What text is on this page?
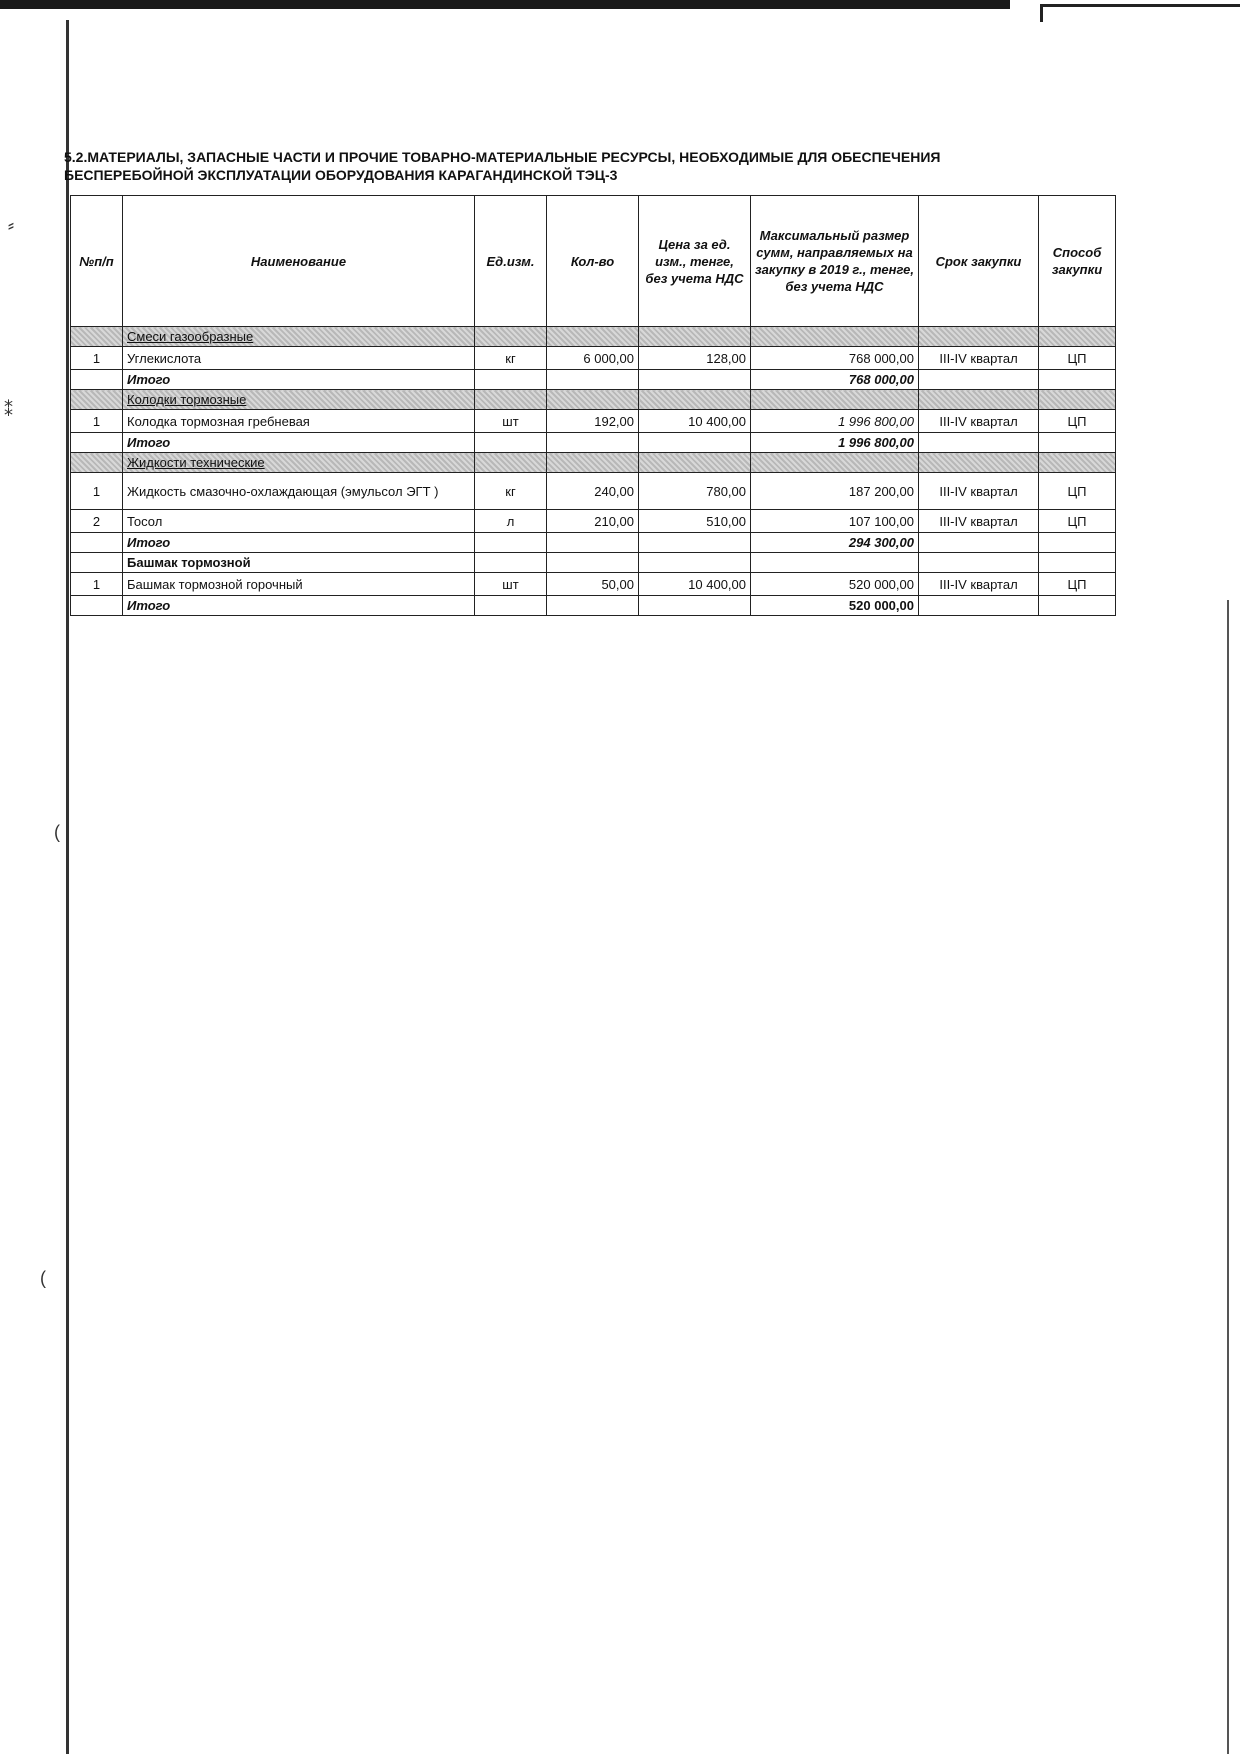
⸗
⁑
(
(
5.2.МАТЕРИАЛЫ, ЗАПАСНЫЕ ЧАСТИ И ПРОЧИЕ ТОВАРНО-МАТЕРИАЛЬНЫЕ РЕСУРСЫ, НЕОБХОДИМЫЕ ДЛЯ ОБЕСПЕЧЕНИЯ
БЕСПЕРЕБОЙНОЙ ЭКСПЛУАТАЦИИ ОБОРУДОВАНИЯ КАРАГАНДИНСКОЙ ТЭЦ-3
№п/п	Наименование	Ед.изм.	Кол-во	Цена за ед. изм., тенге, без учета НДС	Максимальный размер сумм, направляемых на закупку в 2019 г., тенге, без учета НДС	Срок закупки	Способ закупки
	Смеси газообразные						
1	Углекислота	кг	6 000,00	128,00	768 000,00	III-IV квартал	ЦП
	Итого				768 000,00		
	Колодки тормозные						
1	Колодка тормозная гребневая	шт	192,00	10 400,00	1 996 800,00	III-IV квартал	ЦП
	Итого				1 996 800,00		
	Жидкости технические						
1	Жидкость смазочно-охлаждающая (эмульсол ЭГТ )	кг	240,00	780,00	187 200,00	III-IV квартал	ЦП
2	Тосол	л	210,00	510,00	107 100,00	III-IV квартал	ЦП
	Итого				294 300,00		
	Башмак тормозной						
1	Башмак тормозной горочный	шт	50,00	10 400,00	520 000,00	III-IV квартал	ЦП
	Итого				520 000,00		
